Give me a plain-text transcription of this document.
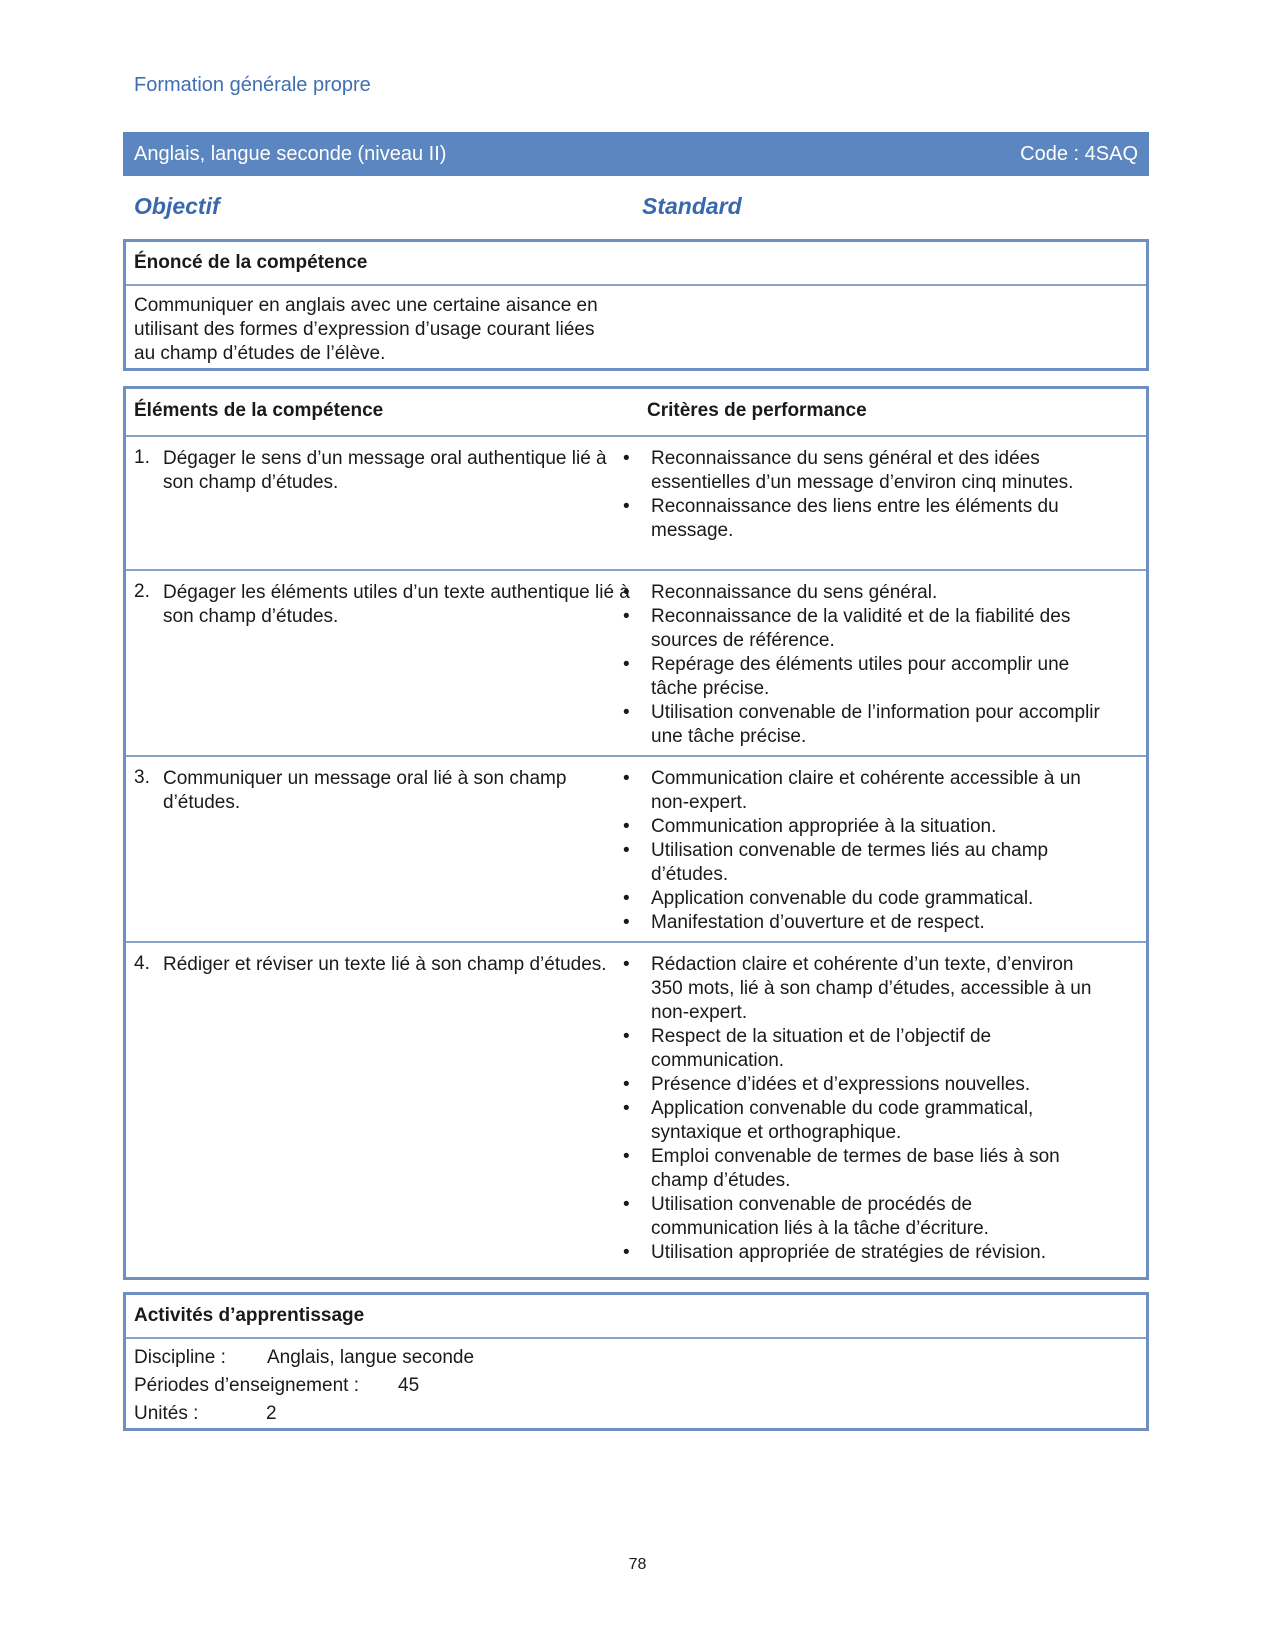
Formation générale propre
Anglais, langue seconde (niveau II)	Code : 4SAQ
Objectif	Standard
Énoncé de la compétence
Communiquer en anglais avec une certaine aisance en utilisant des formes d’expression d’usage courant liées au champ d’études de l’élève.
Éléments de la compétence	Critères de performance
1. Dégager le sens d’un message oral authentique lié à son champ d’études.
• Reconnaissance du sens général et des idées essentielles d’un message d’environ cinq minutes.
• Reconnaissance des liens entre les éléments du message.
2. Dégager les éléments utiles d’un texte authentique lié à son champ d’études.
• Reconnaissance du sens général.
• Reconnaissance de la validité et de la fiabilité des sources de référence.
• Repérage des éléments utiles pour accomplir une tâche précise.
• Utilisation convenable de l’information pour accomplir une tâche précise.
3. Communiquer un message oral lié à son champ d’études.
• Communication claire et cohérente accessible à un non-expert.
• Communication appropriée à la situation.
• Utilisation convenable de termes liés au champ d’études.
• Application convenable du code grammatical.
• Manifestation d’ouverture et de respect.
4. Rédiger et réviser un texte lié à son champ d’études.	• Rédaction claire et cohérente d’un texte, d’environ 350 mots, lié à son champ d’études, accessible à un non-expert.
• Respect de la situation et de l’objectif de communication.
• Présence d’idées et d’expressions nouvelles.
• Application convenable du code grammatical, syntaxique et orthographique.
• Emploi convenable de termes de base liés à son champ d’études.
• Utilisation convenable de procédés de communication liés à la tâche d’écriture.
• Utilisation appropriée de stratégies de révision.
Activités d’apprentissage
Discipline : Anglais, langue seconde
Périodes d’enseignement : 45
Unités :	2
78
